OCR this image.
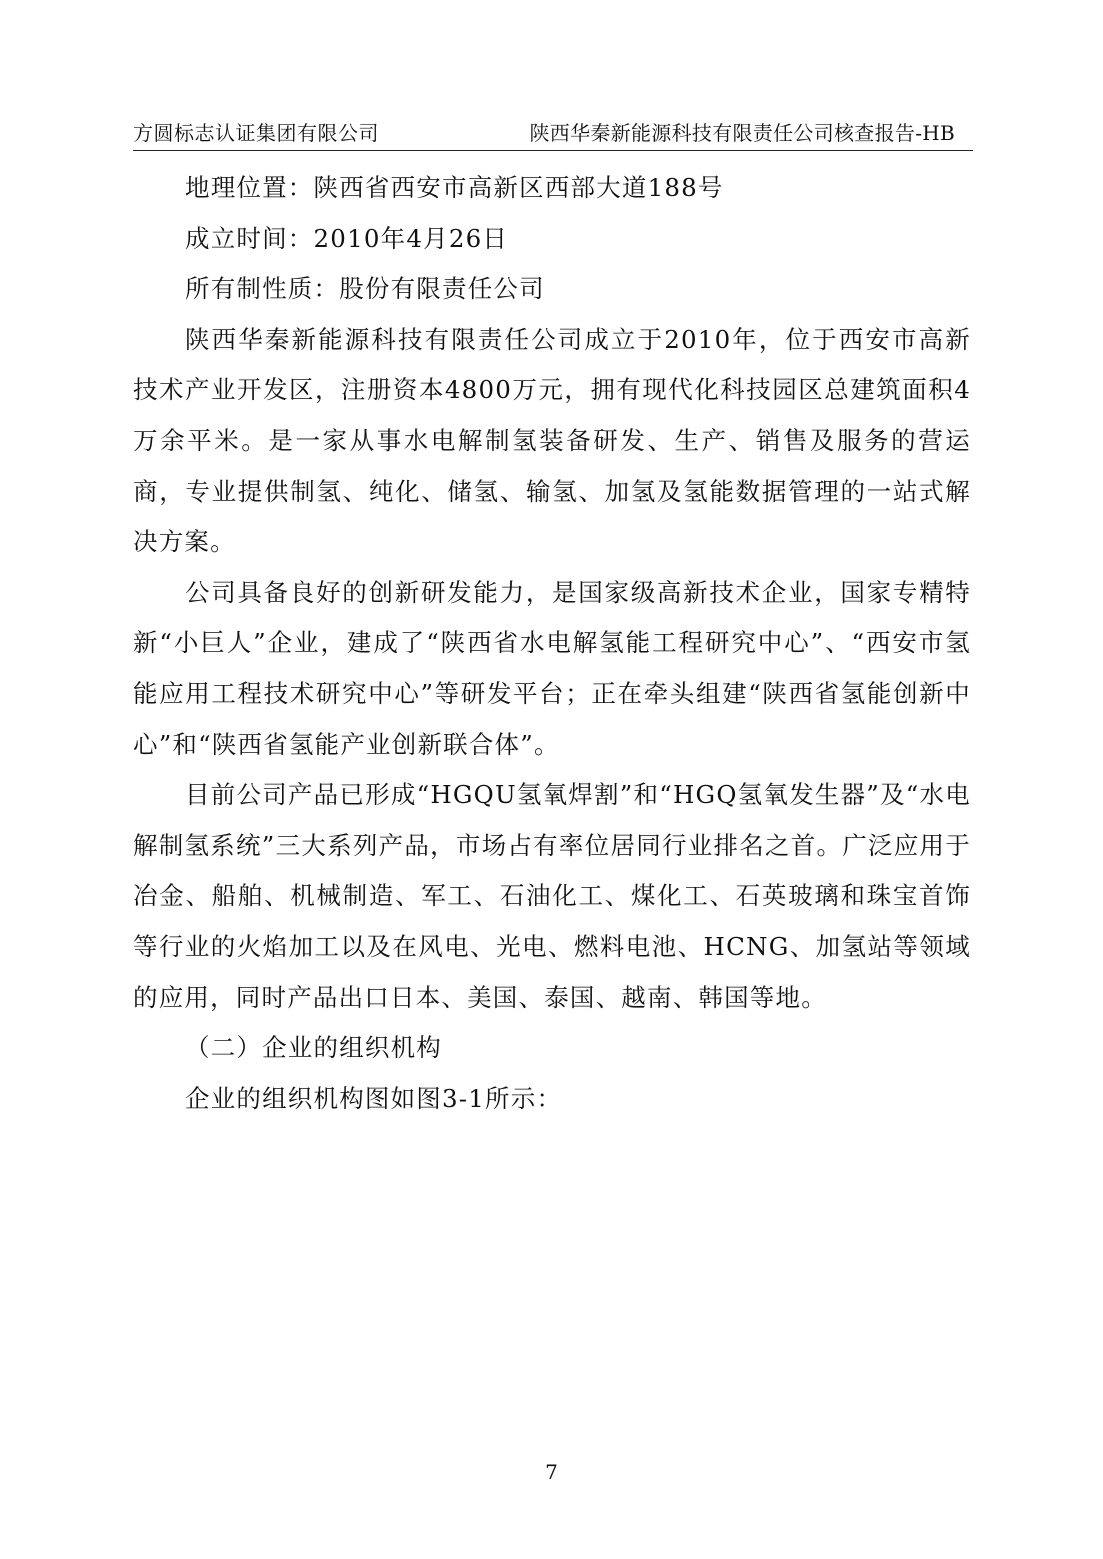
方圆标志认证集团有限公司	陕西华秦新能源科技有限责任公司核查报告-HB

地理位置：陕西省西安市高新区西部大道188号

成立时间：2010年4月26日

所有制性质：股份有限责任公司

陕西华秦新能源科技有限责任公司成立于2010年，位于西安市高新技术产业开发区，注册资本4800万元，拥有现代化科技园区总建筑面积4万余平米。是一家从事水电解制氢装备研发、生产、销售及服务的营运商，专业提供制氢、纯化、储氢、输氢、加氢及氢能数据管理的一站式解决方案。

公司具备良好的创新研发能力，是国家级高新技术企业，国家专精特新“小巨人”企业，建成了“陕西省水电解氢能工程研究中心”、“西安市氢能应用工程技术研究中心”等研发平台；正在牵头组建“陕西省氢能创新中心”和“陕西省氢能产业创新联合体”。

目前公司产品已形成“HGQU氢氧焊割”和“HGQ氢氧发生器”及“水电解制氢系统”三大系列产品，市场占有率位居同行业排名之首。广泛应用于冶金、船舶、机械制造、军工、石油化工、煤化工、石英玻璃和珠宝首饰等行业的火焰加工以及在风电、光电、燃料电池、HCNG、加氢站等领域的应用，同时产品出口日本、美国、泰国、越南、韩国等地。

（二）企业的组织机构

企业的组织机构图如图3-1所示：

7
